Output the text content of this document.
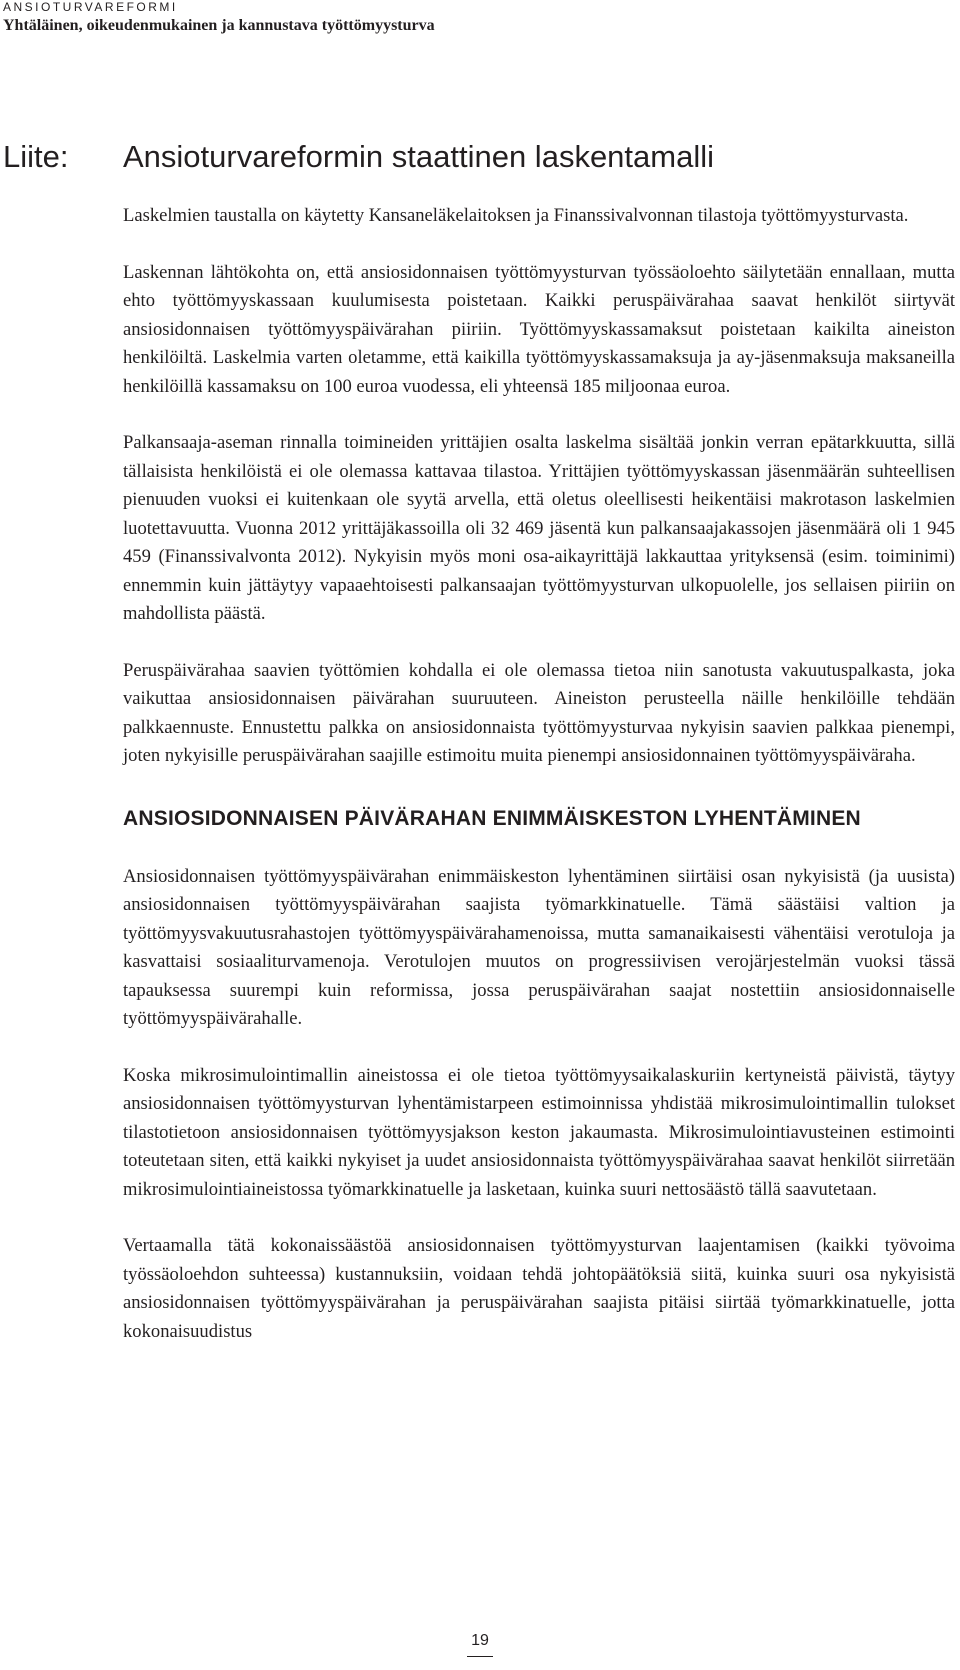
ANSIOTURVAREFORMI
Yhtäläinen, oikeudenmukainen ja kannustava työttömyysturva
Liite: Ansioturvareformin staattinen laskentamalli

Laskelmien taustalla on käytetty Kansaneläkelaitoksen ja Finanssivalvonnan tilastoja työttömyysturvasta.

Laskennan lähtökohta on, että ansiosidonnaisen työttömyysturvan työssäoloehto säilytetään ennallaan, mutta ehto työttömyyskassaan kuulumisesta poistetaan. Kaikki peruspäivärahaa saavat henkilöt siirtyvät ansiosidonnaisen työttömyyspäivärahan piiriin. Työttömyyskassamaksut poistetaan kaikilta aineiston henkilöiltä. Laskelmia varten oletamme, että kaikilla työttömyyskassamaksuja ja ay-jäsenmaksuja maksaneilla henkilöillä kassamaksu on 100 euroa vuodessa, eli yhteensä 185 miljoonaa euroa.

Palkansaaja-aseman rinnalla toimineiden yrittäjien osalta laskelma sisältää jonkin verran epätarkkuutta, sillä tällaisista henkilöistä ei ole olemassa kattavaa tilastoa. Yrittäjien työttömyyskassan jäsenmäärän suhteellisen pienuuden vuoksi ei kuitenkaan ole syytä arvella, että oletus oleellisesti heikentäisi makrotason laskelmien luotettavuutta. Vuonna 2012 yrittäjäkassoilla oli 32 469 jäsentä kun palkansaajakassojen jäsenmäärä oli 1 945 459 (Finanssivalvonta 2012). Nykyisin myös moni osa-aikayrittäjä lakkauttaa yrityksensä (esim. toiminimi) ennemmin kuin jättäytyy vapaaehtoisesti palkansaajan työttömyysturvan ulkopuolelle, jos sellaisen piiriin on mahdollista päästä.

Peruspäivärahaa saavien työttömien kohdalla ei ole olemassa tietoa niin sanotusta vakuutuspalkasta, joka vaikuttaa ansiosidonnaisen päivärahan suuruuteen. Aineiston perusteella näille henkilöille tehdään palkkaennuste. Ennustettu palkka on ansiosidonnaista työttömyysturvaa nykyisin saavien palkkaa pienempi, joten nykyisille peruspäivärahan saajille estimoitu muita pienempi ansiosidonnainen työttömyyspäiväraha.

ANSIOSIDONNAISEN PÄIVÄRAHAN ENIMMÄISKESTON LYHENTÄMINEN

Ansiosidonnaisen työttömyyspäivärahan enimmäiskeston lyhentäminen siirtäisi osan nykyisistä (ja uusista) ansiosidonnaisen työttömyyspäivärahan saajista työmarkkinatuelle. Tämä säästäisi valtion ja työttömyysvakuutusrahastojen työttömyyspäivärahamenoissa, mutta samanaikaisesti vähentäisi verotuloja ja kasvattaisi sosiaaliturvamenoja. Verotulojen muutos on progressiivisen verojärjestelmän vuoksi tässä tapauksessa suurempi kuin reformissa, jossa peruspäivärahan saajat nostettiin ansiosidonnaiselle työttömyyspäivärahalle.

Koska mikrosimulointimallin aineistossa ei ole tietoa työttömyysaikalaskuriin kertyneistä päivistä, täytyy ansiosidonnaisen työttömyysturvan lyhentämistarpeen estimoinnissa yhdistää mikrosimulointimallin tulokset tilastotietoon ansiosidonnaisen työttömyysjakson keston jakaumasta. Mikrosimulointiavusteinen estimointi toteutetaan siten, että kaikki nykyiset ja uudet ansiosidonnaista työttömyyspäivärahaa saavat henkilöt siirretään mikrosimulointiaineistossa työmarkkinatuelle ja lasketaan, kuinka suuri nettosäästö tällä saavutetaan.

Vertaamalla tätä kokonaissäästöä ansiosidonnaisen työttömyysturvan laajentamisen (kaikki työvoima työssäoloehdon suhteessa) kustannuksiin, voidaan tehdä johtopäätöksiä siitä, kuinka suuri osa nykyisistä ansiosidonnaisen työttömyyspäivärahan ja peruspäivärahan saajista pitäisi siirtää työmarkkinatuelle, jotta kokonaisuudistus

19
